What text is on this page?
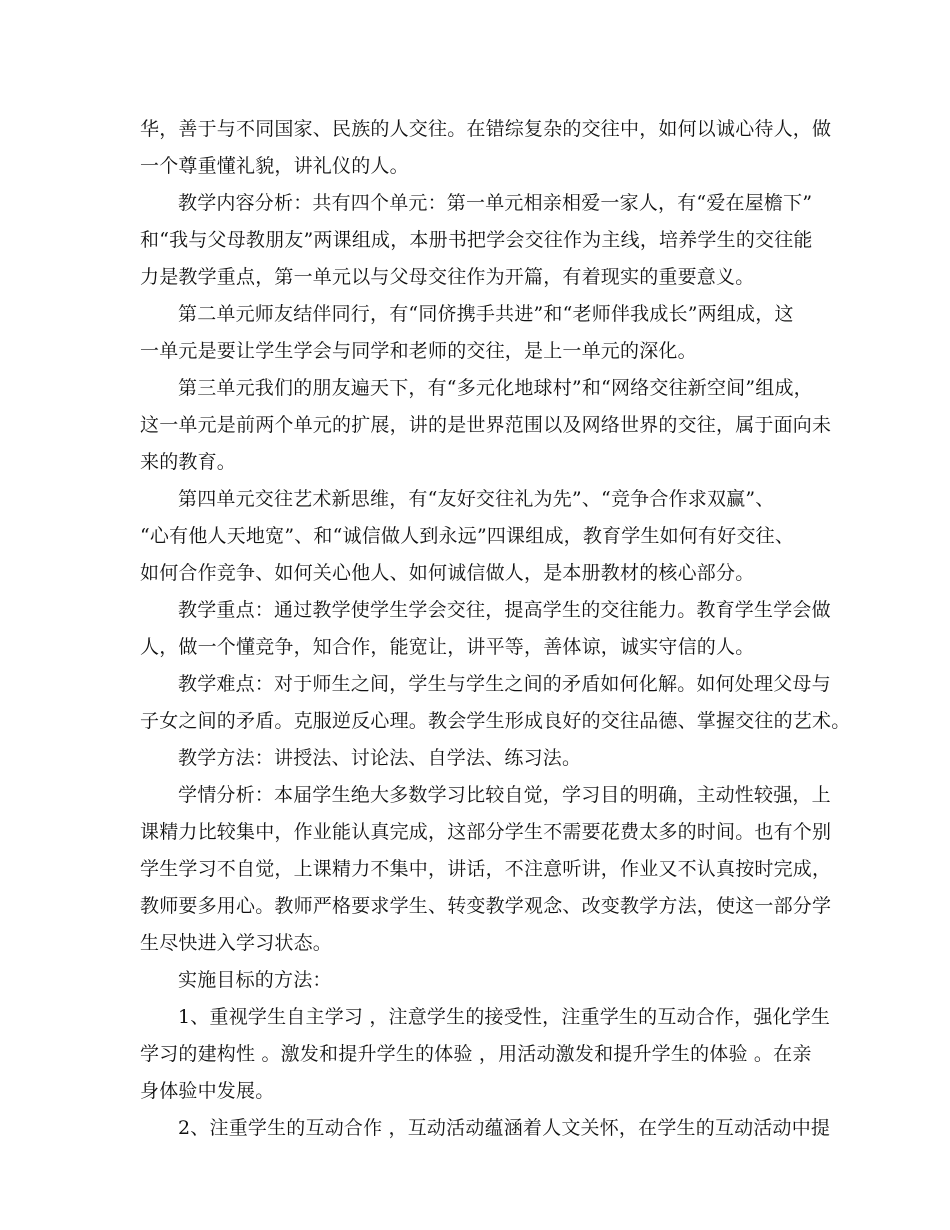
华，善于与不同国家、民族的人交往。在错综复杂的交往中，如何以诚心待人，做
一个尊重懂礼貌，讲礼仪的人。
教学内容分析：共有四个单元：第一单元相亲相爱一家人，有“爱在屋檐下”
和“我与父母教朋友”两课组成，本册书把学会交往作为主线，培养学生的交往能
力是教学重点，第一单元以与父母交往作为开篇，有着现实的重要意义。
第二单元师友结伴同行，有“同侪携手共进”和“老师伴我成长”两组成，这
一单元是要让学生学会与同学和老师的交往，是上一单元的深化。
第三单元我们的朋友遍天下，有“多元化地球村”和“网络交往新空间”组成，
这一单元是前两个单元的扩展，讲的是世界范围以及网络世界的交往，属于面向未
来的教育。
第四单元交往艺术新思维，有“友好交往礼为先”、“竞争合作求双赢”、
“心有他人天地宽”、和“诚信做人到永远”四课组成，教育学生如何有好交往、
如何合作竞争、如何关心他人、如何诚信做人，是本册教材的核心部分。
教学重点：通过教学使学生学会交往，提高学生的交往能力。教育学生学会做
人，做一个懂竞争，知合作，能宽让，讲平等，善体谅，诚实守信的人。
教学难点：对于师生之间，学生与学生之间的矛盾如何化解。如何处理父母与
子女之间的矛盾。克服逆反心理。教会学生形成良好的交往品德、掌握交往的艺术。
教学方法：讲授法、讨论法、自学法、练习法。
学情分析：本届学生绝大多数学习比较自觉，学习目的明确，主动性较强，上
课精力比较集中，作业能认真完成，这部分学生不需要花费太多的时间。也有个别
学生学习不自觉，上课精力不集中，讲话，不注意听讲，作业又不认真按时完成，
教师要多用心。教师严格要求学生、转变教学观念、改变教学方法，使这一部分学
生尽快进入学习状态。
实施目标的方法：
1、重视学生自主学习 ，注意学生的接受性，注重学生的互动合作，强化学生
学习的建构性 。激发和提升学生的体验 ，用活动激发和提升学生的体验 。在亲
身体验中发展。
2、注重学生的互动合作 ，互动活动蕴涵着人文关怀，在学生的互动活动中提
